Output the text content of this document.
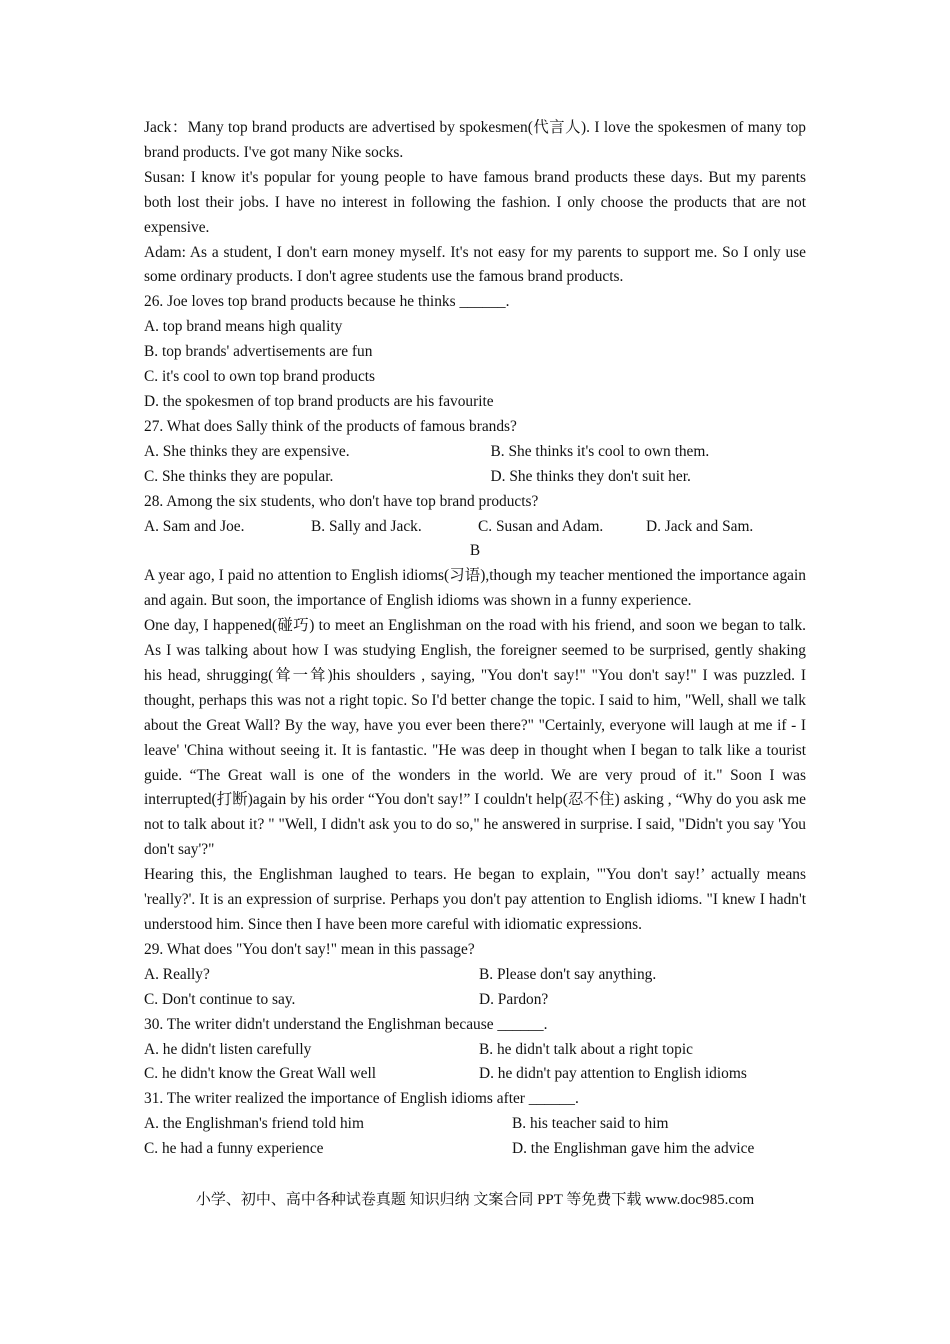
Jack：Many top brand products are advertised by spokesmen(代言人). I love the spokesmen of many top brand products. I've got many Nike socks.

Susan: I know it's popular for young people to have famous brand products these days. But my parents both lost their jobs. I have no interest in following the fashion. I only choose the products that are not expensive.

Adam: As a student, I don't earn money myself. It's not easy for my parents to support me. So I only use some ordinary products. I don't agree students use the famous brand products.

26. Joe loves top brand products because he thinks ______.

A. top brand means high quality

B. top brands' advertisements are fun

C. it's cool to own top brand products

D. the spokesmen of top brand products are his favourite

27. What does Sally think of the products of famous brands?

A. She thinks they are expensive.	B. She thinks it's cool to own them.
C. She thinks they are popular.	D. She thinks they don't suit her.

28. Among the six students, who don't have top brand products?

A. Sam and Joe.	B. Sally and Jack.	C. Susan and Adam.	D. Jack and Sam.
B

A year ago, I paid no attention to English idioms(习语),though my teacher mentioned the importance again and again. But soon, the importance of English idioms was shown in a funny experience.

One day, I happened(碰巧) to meet an Englishman on the road with his friend, and soon we began to talk. As I was talking about how I was studying English, the foreigner seemed to be surprised, gently shaking his head, shrugging(耸一耸)his shoulders , saying, "You don't say!" "You don't say!" I was puzzled. I thought, perhaps this was not a right topic. So I'd better change the topic. I said to him, "Well, shall we talk about the Great Wall? By the way, have you ever been there?" "Certainly, everyone will laugh at me if - I leave' 'China without seeing it. It is fantastic. "He was deep in thought when I began to talk like a tourist guide. “The Great wall is one of the wonders in the world. We are very proud of it." Soon I was interrupted(打断)again by his order “You don't say!” I couldn't help(忍不住) asking , “Why do you ask me not to talk about it? " "Well, I didn't ask you to do so," he answered in surprise. I said, "Didn't you say 'You don't say'?"

Hearing this, the Englishman laughed to tears. He began to explain, "'You don't say!’ actually means 'really?'. It is an expression of surprise. Perhaps you don't pay attention to English idioms. "I knew I hadn't understood him. Since then I have been more careful with idiomatic expressions.

29. What does "You don't say!" mean in this passage?

A. Really?	B. Please don't say anything.
C. Don't continue to say.	D. Pardon?

30. The writer didn't understand the Englishman because ______.

A. he didn't listen carefully	B. he didn't talk about a right topic
C. he didn't know the Great Wall well	D. he didn't pay attention to English idioms

31. The writer realized the importance of English idioms after ______.

A. the Englishman's friend told him	B. his teacher said to him
C. he had a funny experience	D. the Englishman gave him the advice
小学、初中、高中各种试卷真题 知识归纳 文案合同 PPT 等免费下载 www.doc985.com
